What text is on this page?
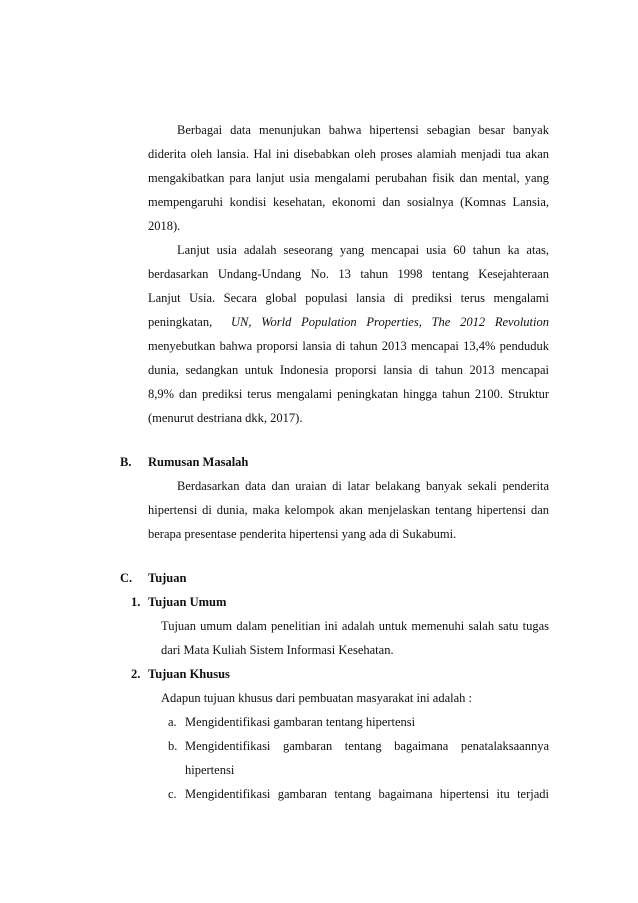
Berbagai data menunjukan bahwa hipertensi sebagian besar banyak
diderita oleh lansia. Hal ini disebabkan oleh proses alamiah menjadi tua akan
mengakibatkan para lanjut usia mengalami perubahan fisik dan mental, yang
mempengaruhi kondisi kesehatan, ekonomi dan sosialnya (Komnas Lansia,
2018).
Lanjut usia adalah seseorang yang mencapai usia 60 tahun ka atas,
berdasarkan Undang-Undang No. 13 tahun 1998 tentang Kesejahteraan
Lanjut Usia. Secara global populasi lansia di prediksi terus mengalami
peningkatan, UN, World Population Properties, The 2012 Revolution
menyebutkan bahwa proporsi lansia di tahun 2013 mencapai 13,4% penduduk
dunia, sedangkan untuk Indonesia proporsi lansia di tahun 2013 mencapai
8,9% dan prediksi terus mengalami peningkatan hingga tahun 2100. Struktur
(menurut destriana dkk, 2017).
B. Rumusan Masalah
Berdasarkan data dan uraian di latar belakang banyak sekali penderita
hipertensi di dunia, maka kelompok akan menjelaskan tentang hipertensi dan
berapa presentase penderita hipertensi yang ada di Sukabumi.
C. Tujuan
1. Tujuan Umum
Tujuan umum dalam penelitian ini adalah untuk memenuhi salah satu tugas
dari Mata Kuliah Sistem Informasi Kesehatan.
2. Tujuan Khusus
Adapun tujuan khusus dari pembuatan masyarakat ini adalah :
a. Mengidentifikasi gambaran tentang hipertensi
b. Mengidentifikasi gambaran tentang bagaimana penatalaksaannya
hipertensi
c. Mengidentifikasi gambaran tentang bagaimana hipertensi itu terjadi
